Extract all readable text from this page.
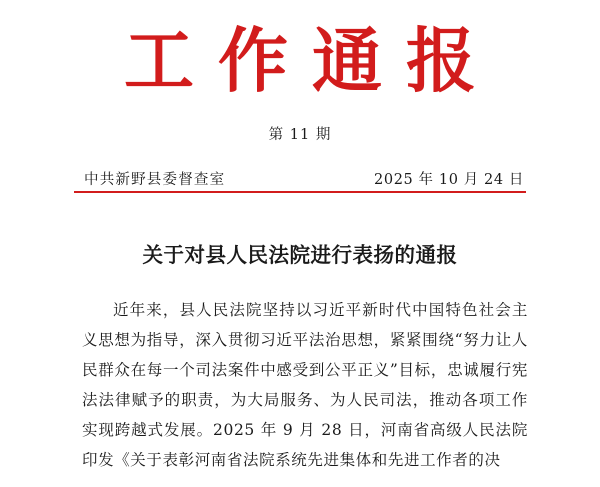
工作通报
第 11 期
中共新野县委督查室	2025 年 10 月 24 日
关于对县人民法院进行表扬的通报

近年来，县人民法院坚持以习近平新时代中国特色社会主义思想为指导，深入贯彻习近平法治思想，紧紧围绕“努力让人民群众在每一个司法案件中感受到公平正义”目标，忠诚履行宪法法律赋予的职责，为大局服务、为人民司法，推动各项工作实现跨越式发展。2025 年 9 月 28 日，河南省高级人民法院印发《关于表彰河南省法院系统先进集体和先进工作者的决
